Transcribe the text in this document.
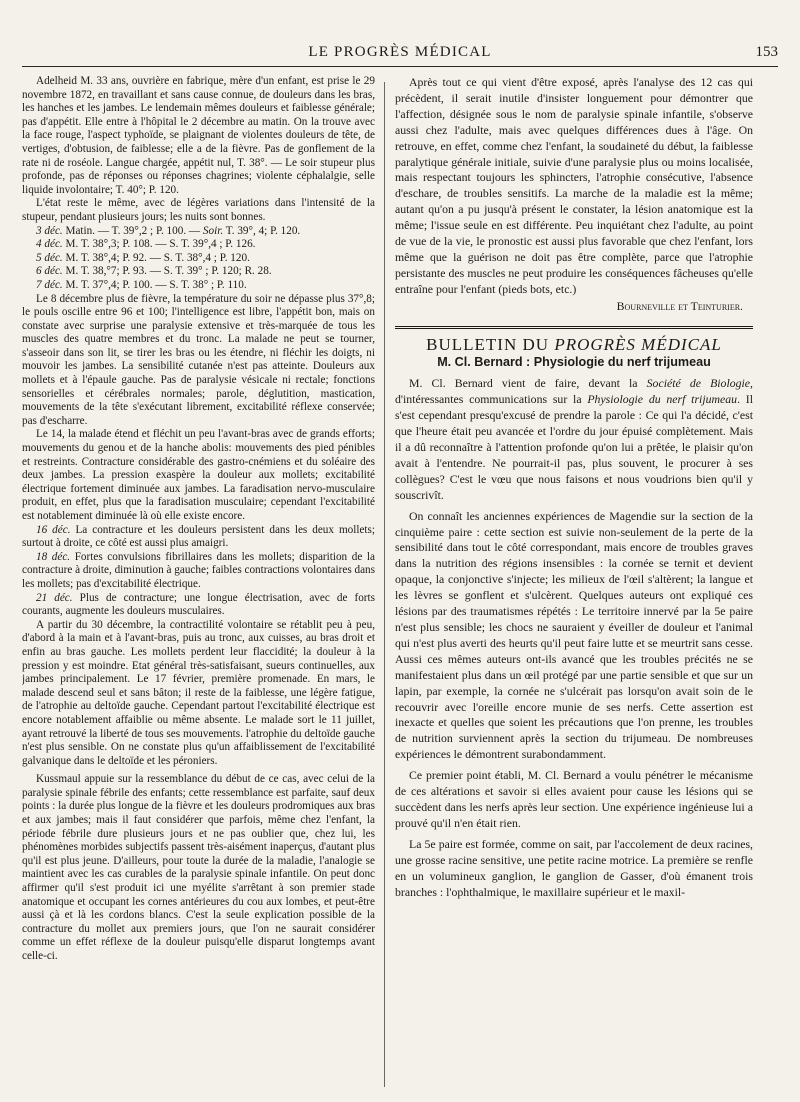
LE PROGRÈS MÉDICAL	153

Adelheid M. 33 ans, ouvrière en fabrique, mère d'un enfant, est prise le 29 novembre 1872, en travaillant et sans cause connue, de douleurs dans les bras, les hanches et les jambes. Le lendemain mêmes douleurs et faiblesse générale; pas d'appétit. Elle entre à l'hôpital le 2 décembre au matin. On la trouve avec la face rouge, l'aspect typhoïde, se plaignant de violentes douleurs de tête, de vertiges, d'obtusion, de faiblesse; elle a de la fièvre. Pas de gonflement de la rate ni de roséole. Langue chargée, appétit nul, T. 38°. — Le soir stupeur plus profonde, pas de réponses ou réponses chagrines; violente céphalalgie, selle liquide involontaire; T. 40°; P. 120.

L'état reste le même, avec de légères variations dans l'intensité de la stupeur, pendant plusieurs jours; les nuits sont bonnes.

3 déc. Matin. — T. 39°,2 ; P. 100. — Soir. T. 39°, 4; P. 120.

4 déc. M. T. 38°,3; P. 108. — S. T. 39°,4 ; P. 126.

5 déc. M. T. 38°,4; P. 92. — S. T. 38°,4 ; P. 120.

6 déc. M. T. 38,°7; P. 93. — S. T. 39° ; P. 120; R. 28.

7 déc. M. T. 37°,4; P. 100. — S. T. 38° ; P. 110.

Le 8 décembre plus de fièvre, la température du soir ne dépasse plus 37°,8; le pouls oscille entre 96 et 100; l'intelligence est libre, l'appétit bon, mais on constate avec surprise une paralysie extensive et très-marquée de tous les muscles des quatre membres et du tronc. La malade ne peut se tourner, s'asseoir dans son lit, se tirer les bras ou les étendre, ni fléchir les doigts, ni mouvoir les jambes. La sensibilité cutanée n'est pas atteinte. Douleurs aux mollets et à l'épaule gauche. Pas de paralysie vésicale ni rectale; fonctions sensorielles et cérébrales normales; parole, déglutition, mastication, mouvements de la tête s'exécutant librement, excitabilité réflexe conservée; pas d'escharre.

Le 14, la malade étend et fléchit un peu l'avant-bras avec de grands efforts; mouvements du genou et de la hanche abolis: mouvements des pied pénibles et restreints. Contracture considérable des gastro-cnémiens et du soléaire des deux jambes. La pression exaspère la douleur aux mollets; excitabilité électrique fortement diminuée aux jambes. La faradisation nervo-musculaire produit, en effet, plus que la faradisation musculaire; cependant l'excitabilité est notablement diminuée là où elle existe encore.

16 déc. La contracture et les douleurs persistent dans les deux mollets; surtout à droite, ce côté est aussi plus amaigri.

18 déc. Fortes convulsions fibrillaires dans les mollets; disparition de la contracture à droite, diminution à gauche; faibles contractions volontaires dans les mollets; pas d'excitabilité électrique.

21 déc. Plus de contracture; une longue électrisation, avec de forts courants, augmente les douleurs musculaires.

A partir du 30 décembre, la contractilité volontaire se rétablit peu à peu, d'abord à la main et à l'avant-bras, puis au tronc, aux cuisses, au bras droit et enfin au bras gauche. Les mollets perdent leur flaccidité; la douleur à la pression y est moindre. Etat général très-satisfaisant, sueurs continuelles, aux jambes principalement. Le 17 février, première promenade. En mars, le malade descend seul et sans bâton; il reste de la faiblesse, une légère fatigue, de l'atrophie au deltoïde gauche. Cependant partout l'excitabilité électrique est encore notablement affaiblie ou même absente. Le malade sort le 11 juillet, ayant retrouvé la liberté de tous ses mouvements. l'atrophie du deltoïde gauche n'est plus sensible. On ne constate plus qu'un affaiblissement de l'excitabilité galvanique dans le deltoïde et les péroniers.

Kussmaul appuie sur la ressemblance du début de ce cas, avec celui de la paralysie spinale fébrile des enfants; cette ressemblance est parfaite, sauf deux points : la durée plus longue de la fièvre et les douleurs prodromiques aux bras et aux jambes; mais il faut considérer que parfois, même chez l'enfant, la période fébrile dure plusieurs jours et ne pas oublier que, chez lui, les phénomènes morbides subjectifs passent très-aisément inaperçus, d'autant plus qu'il est plus jeune. D'ailleurs, pour toute la durée de la maladie, l'analogie se maintient avec les cas curables de la paralysie spinale infantile. On peut donc affirmer qu'il s'est produit ici une myélite s'arrêtant à son premier stade anatomique et occupant les cornes antérieures du cou aux lombes, et peut-être aussi çà et là les cordons blancs. C'est la seule explication possible de la contracture du mollet aux premiers jours, que l'on ne saurait considérer comme un effet réflexe de la douleur puisqu'elle disparut longtemps avant celle-ci.

Après tout ce qui vient d'être exposé, après l'analyse des 12 cas qui précèdent, il serait inutile d'insister longuement pour démontrer que l'affection, désignée sous le nom de paralysie spinale infantile, s'observe aussi chez l'adulte, mais avec quelques différences dues à l'âge. On retrouve, en effet, comme chez l'enfant, la soudaineté du début, la faiblesse paralytique générale initiale, suivie d'une paralysie plus ou moins localisée, mais respectant toujours les sphincters, l'atrophie consécutive, l'absence d'eschare, de troubles sensitifs. La marche de la maladie est la même; autant qu'on a pu jusqu'à présent le constater, la lésion anatomique est la même; l'issue seule en est différente. Peu inquiétant chez l'adulte, au point de vue de la vie, le pronostic est aussi plus favorable que chez l'enfant, lors même que la guérison ne doit pas être complète, parce que l'atrophie persistante des muscles ne peut produire les conséquences fâcheuses qu'elle entraîne pour l'enfant (pieds bots, etc.)

Bourneville et Teinturier.

BULLETIN DU PROGRÈS MÉDICAL
M. Cl. Bernard : Physiologie du nerf trijumeau

M. Cl. Bernard vient de faire, devant la Société de Biologie, d'intéressantes communications sur la Physiologie du nerf trijumeau. Il s'est cependant presqu'excusé de prendre la parole : Ce qui l'a décidé, c'est que l'heure était peu avancée et l'ordre du jour épuisé complètement. Mais il a dû reconnaître à l'attention profonde qu'on lui a prêtée, le plaisir qu'on avait à l'entendre. Ne pourrait-il pas, plus souvent, le procurer à ses collègues? C'est le vœu que nous faisons et nous voudrions bien qu'il y souscrivît.

On connaît les anciennes expériences de Magendie sur la section de la cinquième paire : cette section est suivie non-seulement de la perte de la sensibilité dans tout le côté correspondant, mais encore de troubles graves dans la nutrition des régions insensibles : la cornée se ternit et devient opaque, la conjonctive s'injecte; les milieux de l'œil s'altèrent; la langue et les lèvres se gonflent et s'ulcèrent. Quelques auteurs ont expliqué ces lésions par des traumatismes répétés : Le territoire innervé par la 5e paire n'est plus sensible; les chocs ne sauraient y éveiller de douleur et l'animal qui n'est plus averti des heurts qu'il peut faire lutte et se meurtrit sans cesse. Aussi ces mêmes auteurs ont-ils avancé que les troubles précités ne se manifestaient plus dans un œil protégé par une partie sensible et que sur un lapin, par exemple, la cornée ne s'ulcérait pas lorsqu'on avait soin de le recouvrir avec l'oreille encore munie de ses nerfs. Cette assertion est inexacte et quelles que soient les précautions que l'on prenne, les troubles de nutrition surviennent après la section du trijumeau. De nombreuses expériences le démontrent surabondamment.

Ce premier point établi, M. Cl. Bernard a voulu pénétrer le mécanisme de ces altérations et savoir si elles avaient pour cause les lésions qui se succèdent dans les nerfs après leur section. Une expérience ingénieuse lui a prouvé qu'il n'en était rien.

La 5e paire est formée, comme on sait, par l'accolement de deux racines, une grosse racine sensitive, une petite racine motrice. La première se renfle en un volumineux ganglion, le ganglion de Gasser, d'où émanent trois branches : l'ophthalmique, le maxillaire supérieur et le maxil-
